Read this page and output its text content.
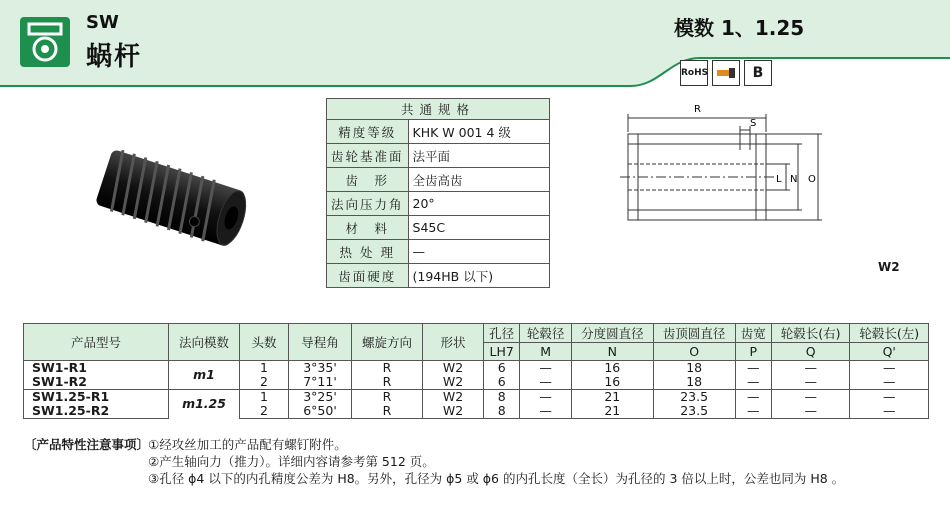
SW
蜗杆
模数 1、1.25
RoHS	B
共通规格	
精度等级	KHK W 001 4 级
齿轮基准面	法平面
齿　形	全齿高齿
法向压力角	20°
材　料	S45C
热 处 理	—
齿面硬度	(194HB 以下)
R
S
L N O
W2
产品型号	法向模数	头数	导程角	螺旋方向	形状	孔径	轮毂径	分度圆直径	齿顶圆直径	齿宽	轮毂长(右)	轮毂长(左)
						LH7	M	N	O	P	Q	Q'
SW1-R1	m1	1	3°35'	R	W2	6	—	16	18	—	—	—
SW1-R2		2	7°11'	R	W2	6	—	16	18	—	—	—
SW1.25-R1	m1.25	1	3°25'	R	W2	8	—	21	23.5	—	—	—
SW1.25-R2		2	6°50'	R	W2	8	—	21	23.5	—	—	—
〔产品特性注意事项〕
①经攻丝加工的产品配有螺钉附件。
②产生轴向力（推力）。详细内容请参考第 512 页。
③孔径 ϕ4 以下的内孔精度公差为 H8。另外，孔径为 ϕ5 或 ϕ6 的内孔长度（全长）为孔径的 3 倍以上时，公差也同为 H8 。
